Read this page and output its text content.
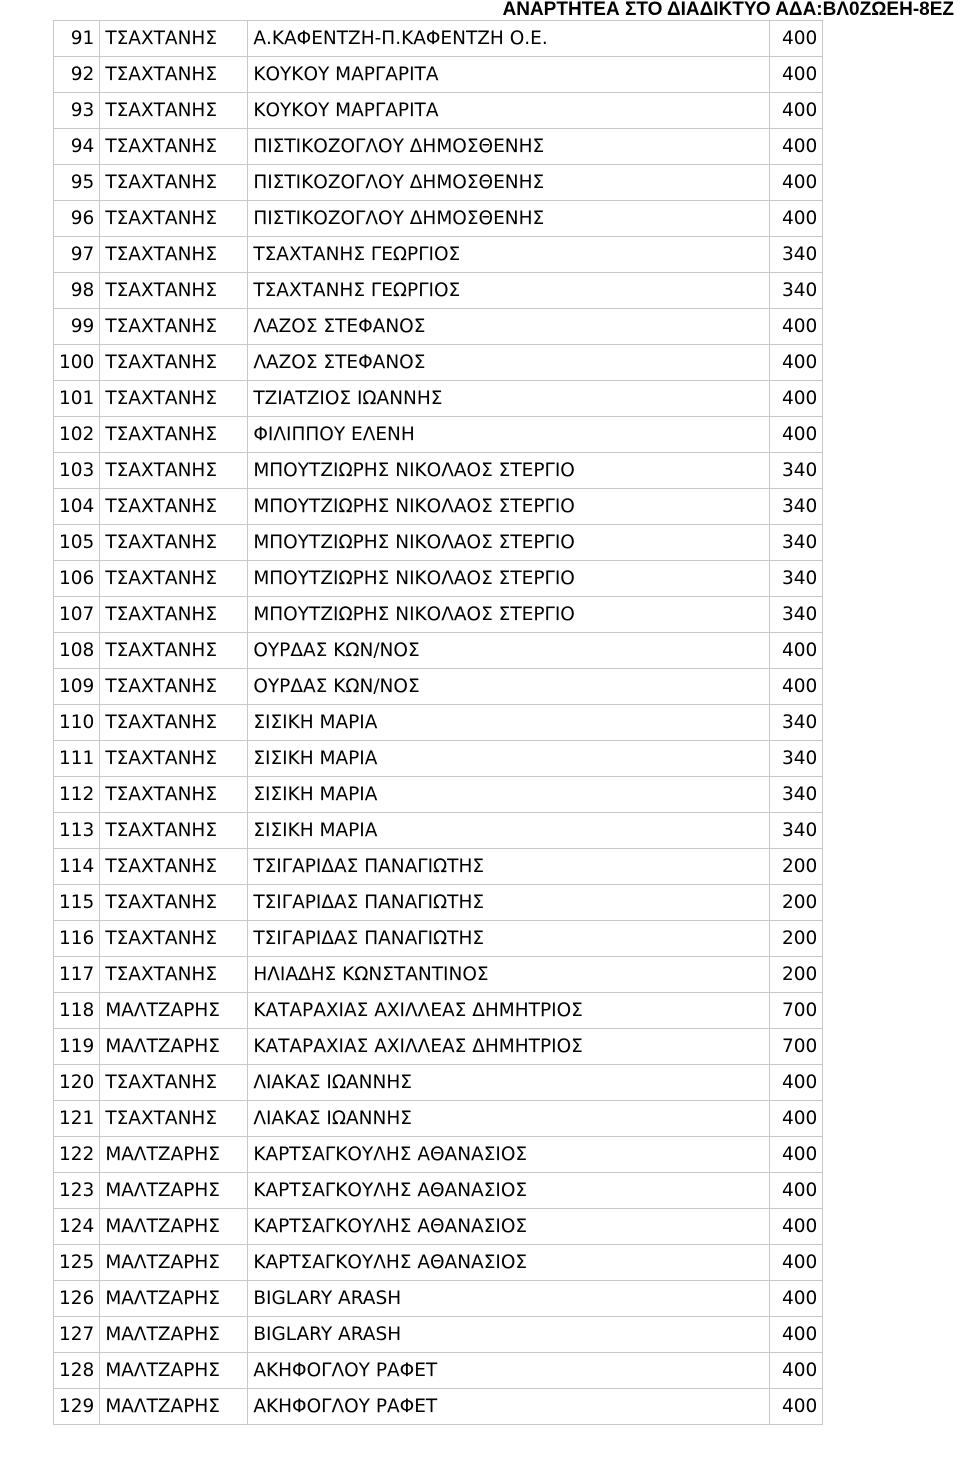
ΑΝΑΡΤΗΤΕΑ ΣΤΟ ΔΙΑΔΙΚΤΥΟ ΑΔΑ:ΒΛ0ΖΩΕΗ-8ΕΖ
91	ΤΣΑΧΤΑΝΗΣ	Α.ΚΑΦΕΝΤΖΗ-Π.ΚΑΦΕΝΤΖΗ Ο.Ε.	400
92	ΤΣΑΧΤΑΝΗΣ	ΚΟΥΚΟΥ ΜΑΡΓΑΡΙΤΑ	400
93	ΤΣΑΧΤΑΝΗΣ	ΚΟΥΚΟΥ ΜΑΡΓΑΡΙΤΑ	400
94	ΤΣΑΧΤΑΝΗΣ	ΠΙΣΤΙΚΟΖΟΓΛΟΥ ΔΗΜΟΣΘΕΝΗΣ	400
95	ΤΣΑΧΤΑΝΗΣ	ΠΙΣΤΙΚΟΖΟΓΛΟΥ ΔΗΜΟΣΘΕΝΗΣ	400
96	ΤΣΑΧΤΑΝΗΣ	ΠΙΣΤΙΚΟΖΟΓΛΟΥ ΔΗΜΟΣΘΕΝΗΣ	400
97	ΤΣΑΧΤΑΝΗΣ	ΤΣΑΧΤΑΝΗΣ ΓΕΩΡΓΙΟΣ	340
98	ΤΣΑΧΤΑΝΗΣ	ΤΣΑΧΤΑΝΗΣ ΓΕΩΡΓΙΟΣ	340
99	ΤΣΑΧΤΑΝΗΣ	ΛΑΖΟΣ ΣΤΕΦΑΝΟΣ	400
100	ΤΣΑΧΤΑΝΗΣ	ΛΑΖΟΣ ΣΤΕΦΑΝΟΣ	400
101	ΤΣΑΧΤΑΝΗΣ	ΤΖΙΑΤΖΙΟΣ ΙΩΑΝΝΗΣ	400
102	ΤΣΑΧΤΑΝΗΣ	ΦΙΛΙΠΠΟΥ ΕΛΕΝΗ	400
103	ΤΣΑΧΤΑΝΗΣ	ΜΠΟΥΤΖΙΩΡΗΣ ΝΙΚΟΛΑΟΣ ΣΤΕΡΓΙΟ	340
104	ΤΣΑΧΤΑΝΗΣ	ΜΠΟΥΤΖΙΩΡΗΣ ΝΙΚΟΛΑΟΣ ΣΤΕΡΓΙΟ	340
105	ΤΣΑΧΤΑΝΗΣ	ΜΠΟΥΤΖΙΩΡΗΣ ΝΙΚΟΛΑΟΣ ΣΤΕΡΓΙΟ	340
106	ΤΣΑΧΤΑΝΗΣ	ΜΠΟΥΤΖΙΩΡΗΣ ΝΙΚΟΛΑΟΣ ΣΤΕΡΓΙΟ	340
107	ΤΣΑΧΤΑΝΗΣ	ΜΠΟΥΤΖΙΩΡΗΣ ΝΙΚΟΛΑΟΣ ΣΤΕΡΓΙΟ	340
108	ΤΣΑΧΤΑΝΗΣ	ΟΥΡΔΑΣ ΚΩΝ/ΝΟΣ	400
109	ΤΣΑΧΤΑΝΗΣ	ΟΥΡΔΑΣ ΚΩΝ/ΝΟΣ	400
110	ΤΣΑΧΤΑΝΗΣ	ΣΙΣΙΚΗ ΜΑΡΙΑ	340
111	ΤΣΑΧΤΑΝΗΣ	ΣΙΣΙΚΗ ΜΑΡΙΑ	340
112	ΤΣΑΧΤΑΝΗΣ	ΣΙΣΙΚΗ ΜΑΡΙΑ	340
113	ΤΣΑΧΤΑΝΗΣ	ΣΙΣΙΚΗ ΜΑΡΙΑ	340
114	ΤΣΑΧΤΑΝΗΣ	ΤΣΙΓΑΡΙΔΑΣ ΠΑΝΑΓΙΩΤΗΣ	200
115	ΤΣΑΧΤΑΝΗΣ	ΤΣΙΓΑΡΙΔΑΣ ΠΑΝΑΓΙΩΤΗΣ	200
116	ΤΣΑΧΤΑΝΗΣ	ΤΣΙΓΑΡΙΔΑΣ ΠΑΝΑΓΙΩΤΗΣ	200
117	ΤΣΑΧΤΑΝΗΣ	ΗΛΙΑΔΗΣ ΚΩΝΣΤΑΝΤΙΝΟΣ	200
118	ΜΑΛΤΖΑΡΗΣ	ΚΑΤΑΡΑΧΙΑΣ ΑΧΙΛΛΕΑΣ ΔΗΜΗΤΡΙΟΣ	700
119	ΜΑΛΤΖΑΡΗΣ	ΚΑΤΑΡΑΧΙΑΣ ΑΧΙΛΛΕΑΣ ΔΗΜΗΤΡΙΟΣ	700
120	ΤΣΑΧΤΑΝΗΣ	ΛΙΑΚΑΣ ΙΩΑΝΝΗΣ	400
121	ΤΣΑΧΤΑΝΗΣ	ΛΙΑΚΑΣ ΙΩΑΝΝΗΣ	400
122	ΜΑΛΤΖΑΡΗΣ	ΚΑΡΤΣΑΓΚΟΥΛΗΣ ΑΘΑΝΑΣΙΟΣ	400
123	ΜΑΛΤΖΑΡΗΣ	ΚΑΡΤΣΑΓΚΟΥΛΗΣ ΑΘΑΝΑΣΙΟΣ	400
124	ΜΑΛΤΖΑΡΗΣ	ΚΑΡΤΣΑΓΚΟΥΛΗΣ ΑΘΑΝΑΣΙΟΣ	400
125	ΜΑΛΤΖΑΡΗΣ	ΚΑΡΤΣΑΓΚΟΥΛΗΣ ΑΘΑΝΑΣΙΟΣ	400
126	ΜΑΛΤΖΑΡΗΣ	BIGLARY ARASH	400
127	ΜΑΛΤΖΑΡΗΣ	BIGLARY ARASH	400
128	ΜΑΛΤΖΑΡΗΣ	ΑΚΗΦΟΓΛΟΥ ΡΑΦΕΤ	400
129	ΜΑΛΤΖΑΡΗΣ	ΑΚΗΦΟΓΛΟΥ ΡΑΦΕΤ	400
